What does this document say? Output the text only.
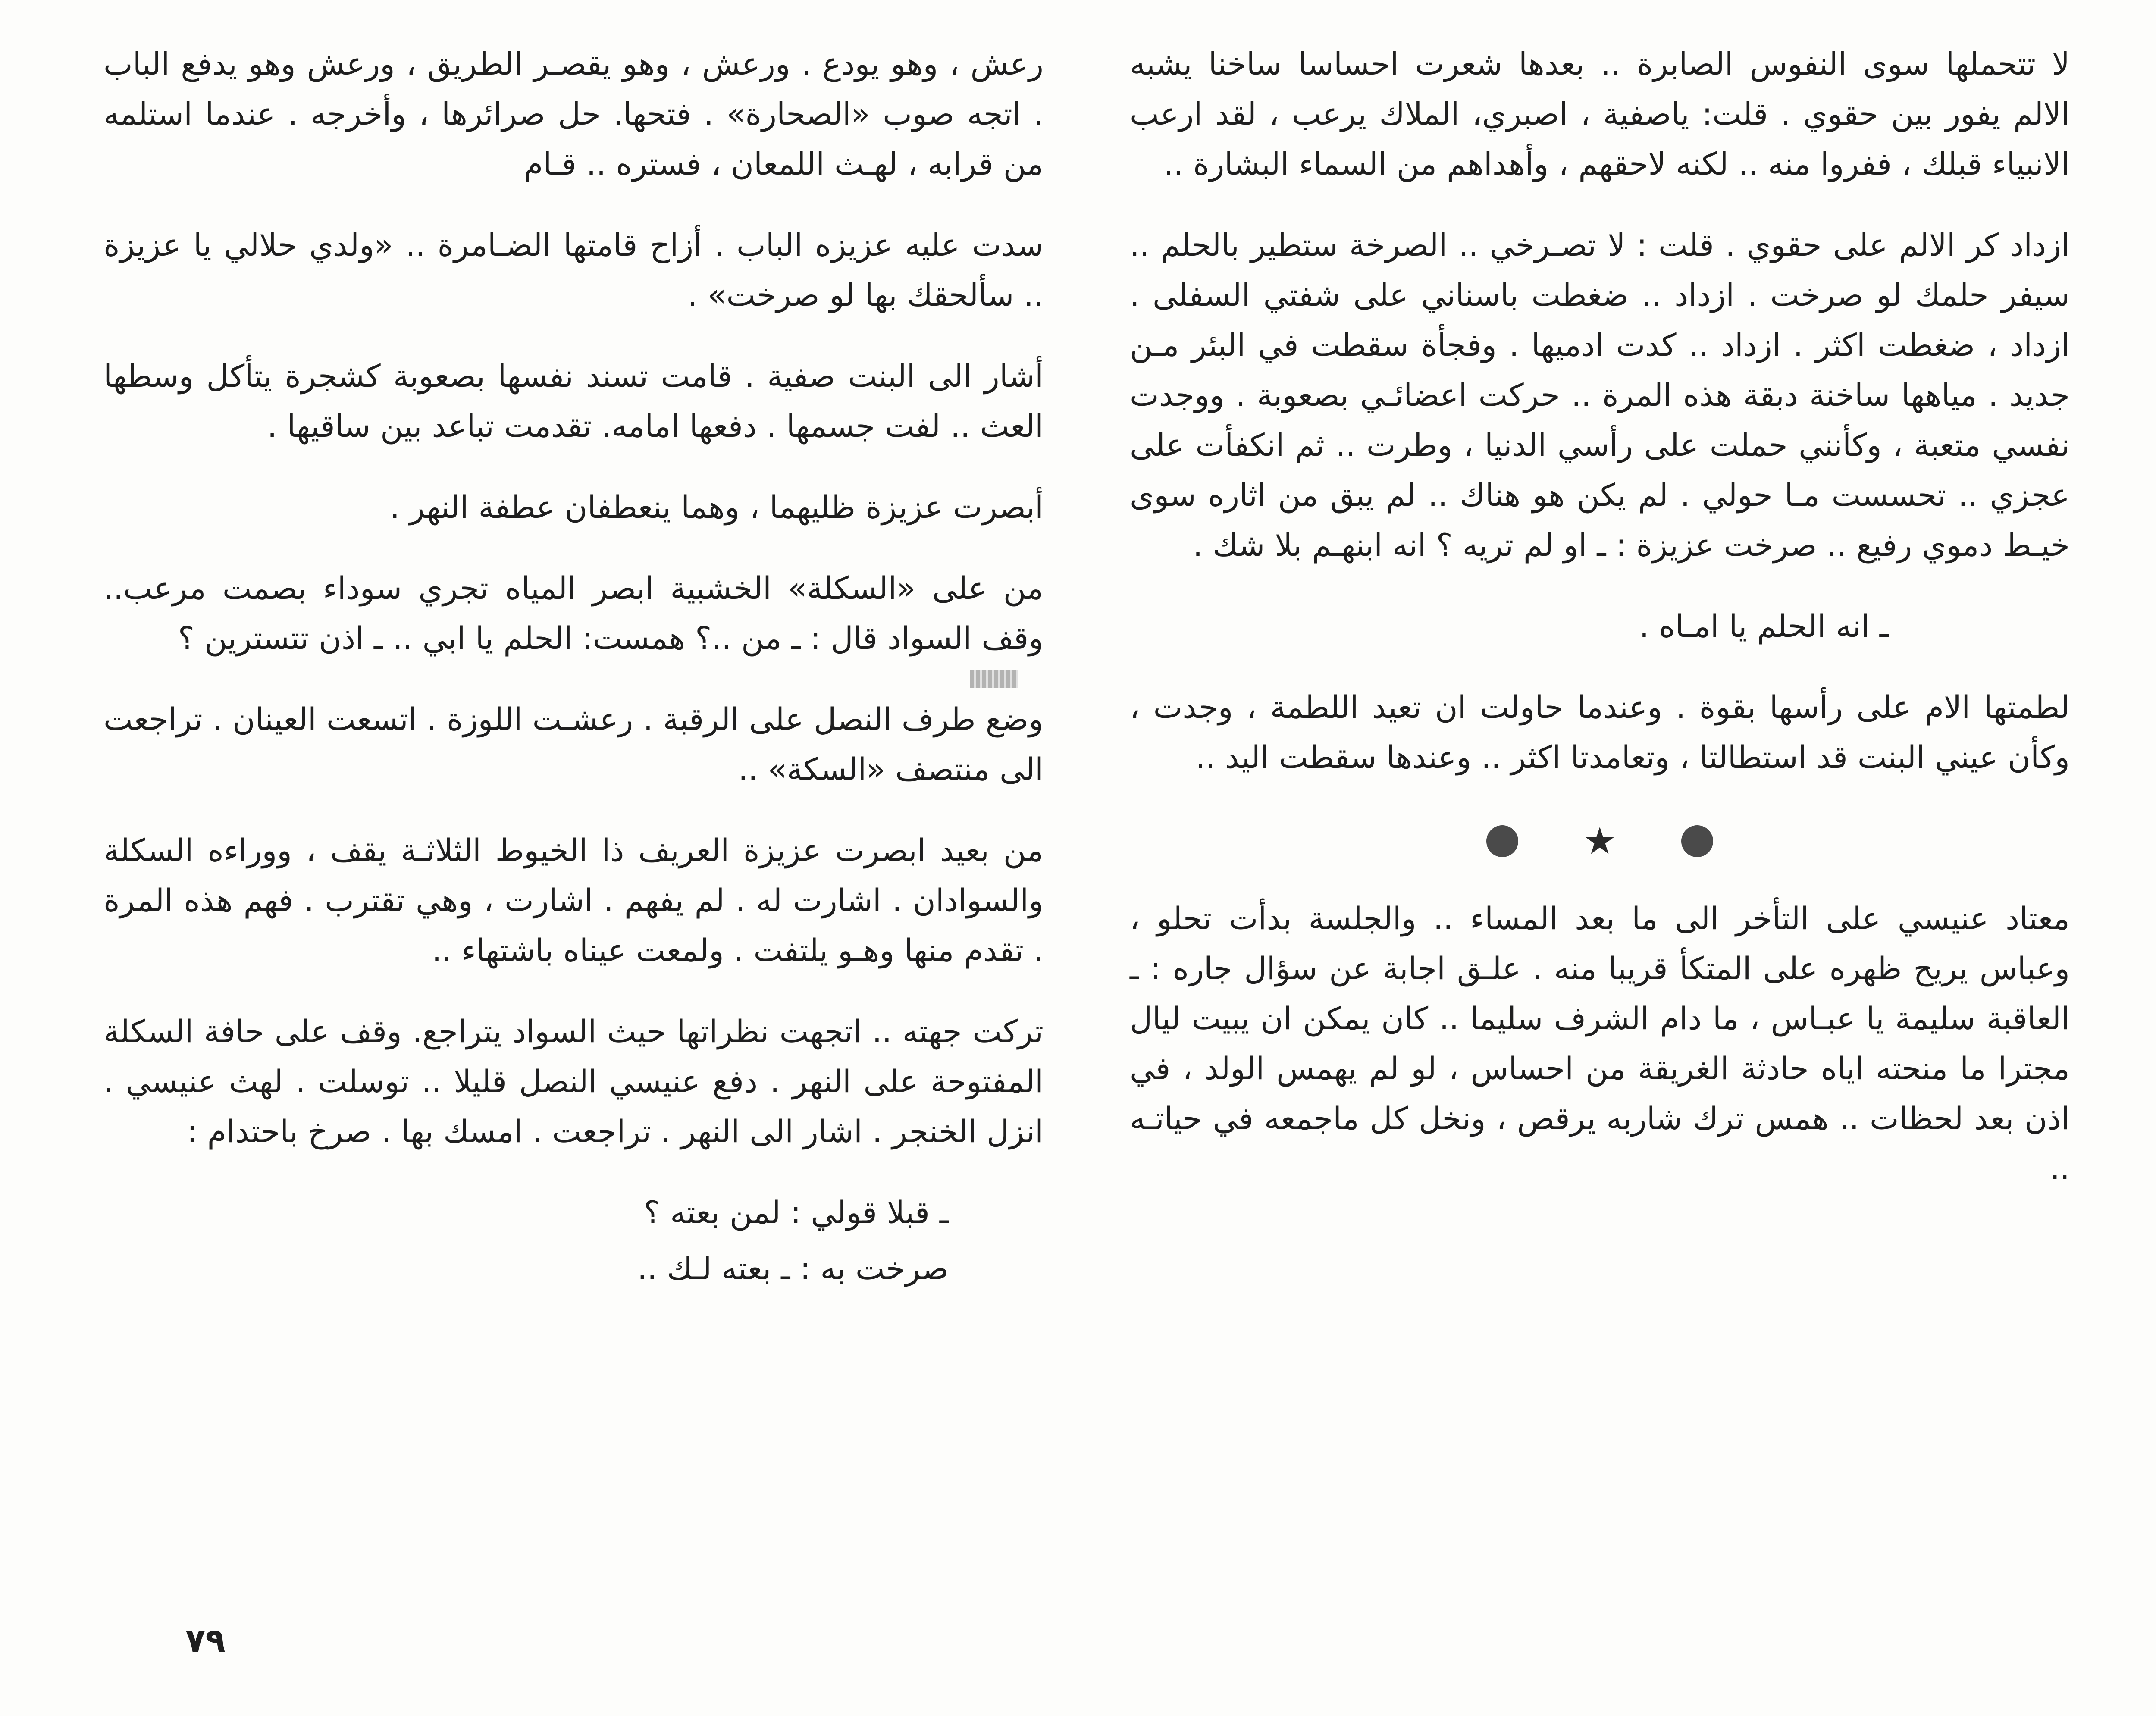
لا تتحملها سوى النفوس الصابرة .. بعدها شعرت احساسا ساخنا يشبه الالم يفور بين حقوي . قلت: ياصفية ، اصبري، الملاك يرعب ، لقد ارعب الانبياء قبلك ، ففروا منه .. لكنه لاحقهم ، وأهداهم من السماء البشارة ..

ازداد كر الالم على حقوي . قلت : لا تصـرخي .. الصرخة ستطير بالحلم .. سيفر حلمك لو صرخت . ازداد .. ضغطت باسناني على شفتي السفلى . ازداد ، ضغطت اكثر . ازداد .. كدت ادميها . وفجأة سقطت في البئر مـن جديد . مياهها ساخنة دبقة هذه المرة .. حركت اعضائـي بصعوبة . ووجدت نفسي متعبة ، وكأنني حملت على رأسي الدنيا ، وطرت .. ثم انكفأت على عجزي .. تحسست مـا حولي . لم يكن هو هناك .. لم يبق من اثاره سوى خيـط دموي رفيع .. صرخت عزيزة : ـ او لم تريه ؟ انه ابنهـم بلا شك .

ـ انه الحلم يا امـاه .

لطمتها الام على رأسها بقوة . وعندما حاولت ان تعيد اللطمة ، وجدت ، وكأن عيني البنت قد استطالتا ، وتعامدتا اكثر .. وعندها سقطت اليد ..

★

معتاد عنيسي على التأخر الى ما بعد المساء .. والجلسة بدأت تحلو ، وعباس يريح ظهره على المتكأ قريبا منه . علـق اجابة عن سؤال جاره : ـ العاقبة سليمة يا عبـاس ، ما دام الشرف سليما .. كان يمكن ان يبيت ليال مجترا ما منحته اياه حادثة الغريقة من احساس ، لو لم يهمس الولد ، في اذن بعد لحظات .. همس ترك شاربه يرقص ، ونخل كل ماجمعه في حياتـه ..

رعش ، وهو يودع . ورعش ، وهو يقصـر الطريق ، ورعش وهو يدفع الباب . اتجه صوب «الصحارة» . فتحها. حل صرائرها ، وأخرجه . عندما استلمه من قرابه ، لهـث اللمعان ، فستره .. قـام

سدت عليه عزيزه الباب . أزاح قامتها الضـامرة .. «ولدي حلالي يا عزيزة .. سألحقك بها لو صرخت» .

أشار الى البنت صفية . قامت تسند نفسها بصعوبة كشجرة يتأكل وسطها العث .. لفت جسمها . دفعها امامه. تقدمت تباعد بين ساقيها .

أبصرت عزيزة ظليهما ، وهما ينعطفان عطفة النهر .

من على «السكلة» الخشبية ابصر المياه تجري سوداء بصمت مرعب.. وقف السواد قال : ـ من ..؟ همست: الحلم يا ابي .. ـ اذن تتسترين ؟

وضع طرف النصل على الرقبة . رعشـت اللوزة . اتسعت العينان . تراجعت الى منتصف «السكة» ..

من بعيد ابصرت عزيزة العريف ذا الخيوط الثلاثـة يقف ، ووراءه السكلة والسوادان . اشارت له . لم يفهم . اشارت ، وهي تقترب . فهم هذه المرة . تقدم منها وهـو يلتفت . ولمعت عيناه باشتهاء ..

تركت جهته .. اتجهت نظراتها حيث السواد يتراجع. وقف على حافة السكلة المفتوحة على النهر . دفع عنيسي النصل قليلا .. توسلت . لهث عنيسي . انزل الخنجر . اشار الى النهر . تراجعت . امسك بها . صرخ باحتدام :

ـ قبلا قولي : لمن بعته ؟

صرخت به : ـ بعته لـك ..

٧٩
